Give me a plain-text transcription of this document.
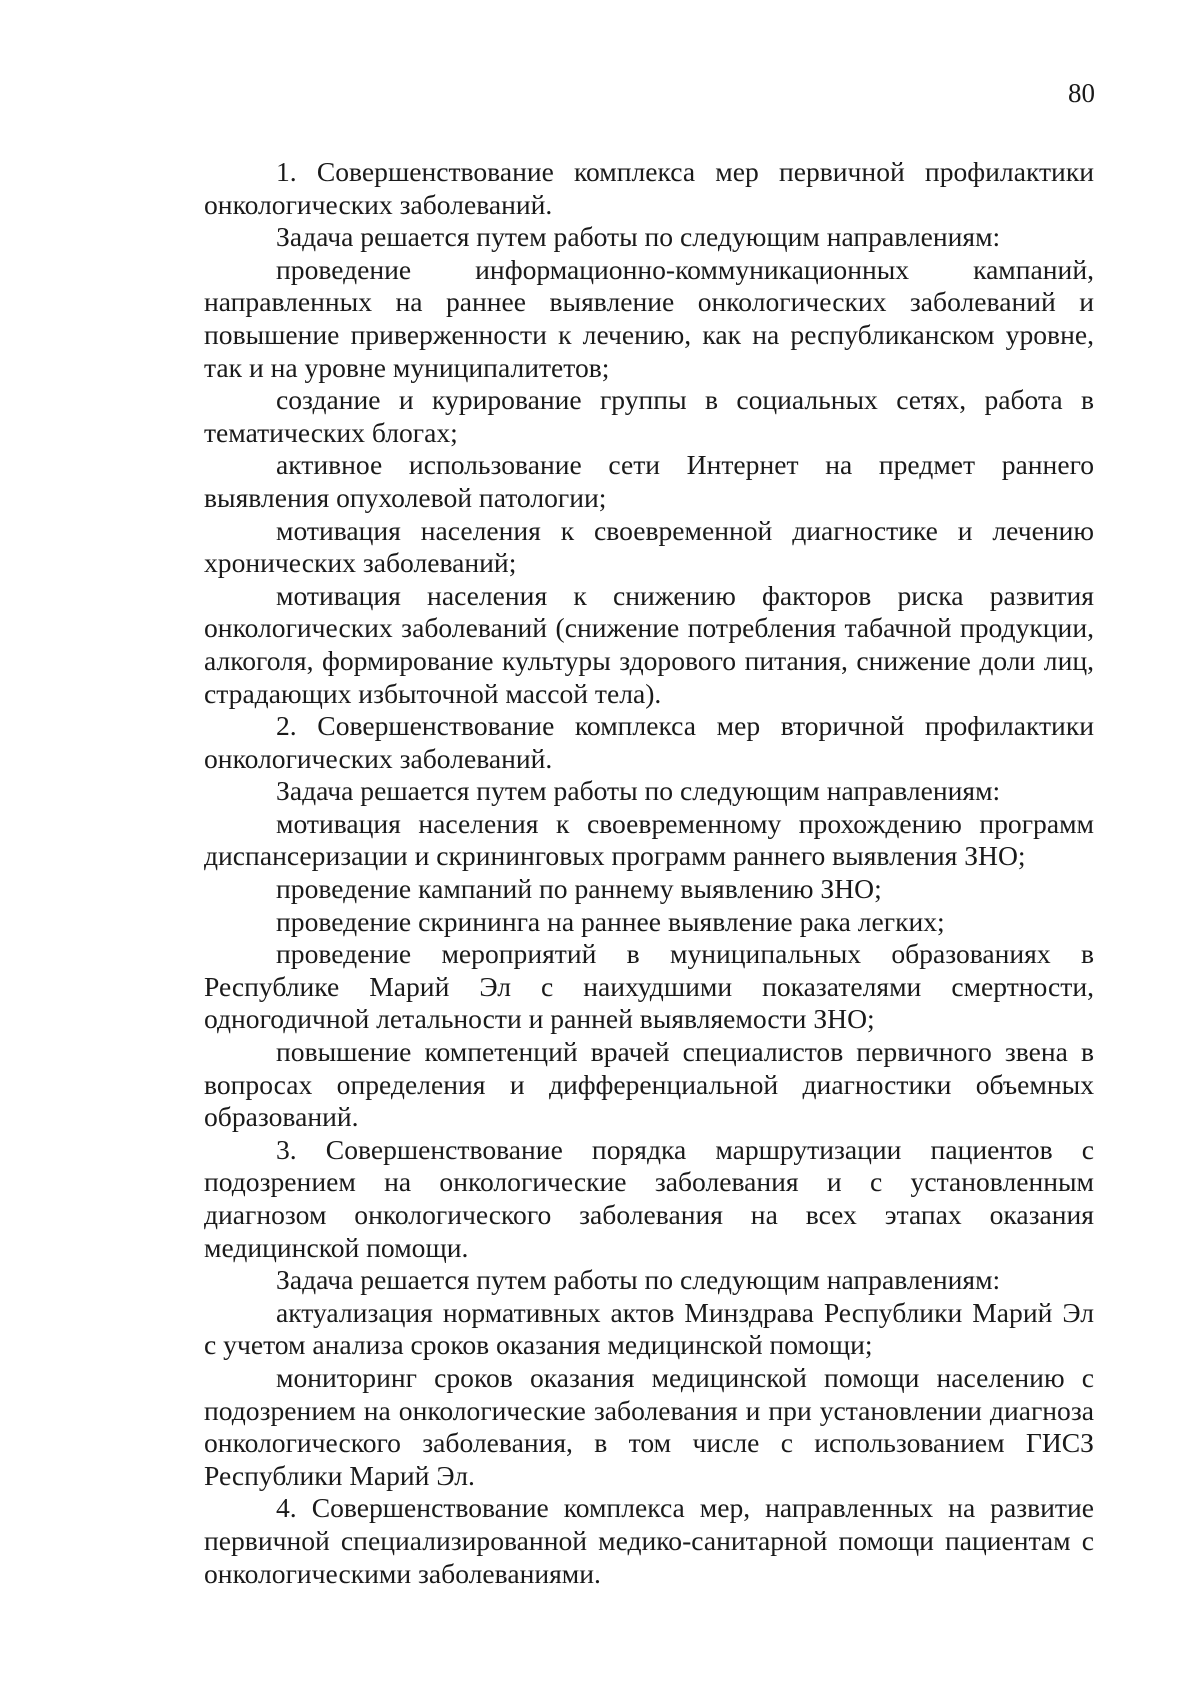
80

1. Совершенствование комплекса мер первичной профилактики онкологических заболеваний.

Задача решается путем работы по следующим направлениям:

проведение информационно-коммуникационных кампаний, направленных на раннее выявление онкологических заболеваний и повышение приверженности к лечению, как на республиканском уровне, так и на уровне муниципалитетов;

создание и курирование группы в социальных сетях, работа в тематических блогах;

активное использование сети Интернет на предмет раннего выявления опухолевой патологии;

мотивация населения к своевременной диагностике и лечению хронических заболеваний;

мотивация населения к снижению факторов риска развития онкологических заболеваний (снижение потребления табачной продукции, алкоголя, формирование культуры здорового питания, снижение доли лиц, страдающих избыточной массой тела).

2. Совершенствование комплекса мер вторичной профилактики онкологических заболеваний.

Задача решается путем работы по следующим направлениям:

мотивация населения к своевременному прохождению программ диспансеризации и скрининговых программ раннего выявления ЗНО;

проведение кампаний по раннему выявлению ЗНО;

проведение скрининга на раннее выявление рака легких;

проведение мероприятий в муниципальных образованиях в Республике Марий Эл с наихудшими показателями смертности, одногодичной летальности и ранней выявляемости ЗНО;

повышение компетенций врачей специалистов первичного звена в вопросах определения и дифференциальной диагностики объемных образований.

3. Совершенствование порядка маршрутизации пациентов с подозрением на онкологические заболевания и с установленным диагнозом онкологического заболевания на всех этапах оказания медицинской помощи.

Задача решается путем работы по следующим направлениям:

актуализация нормативных актов Минздрава Республики Марий Эл с учетом анализа сроков оказания медицинской помощи;

мониторинг сроков оказания медицинской помощи населению с подозрением на онкологические заболевания и при установлении диагноза онкологического заболевания, в том числе с использованием ГИСЗ Республики Марий Эл.

4. Совершенствование комплекса мер, направленных на развитие первичной специализированной медико-санитарной помощи пациентам с онкологическими заболеваниями.
